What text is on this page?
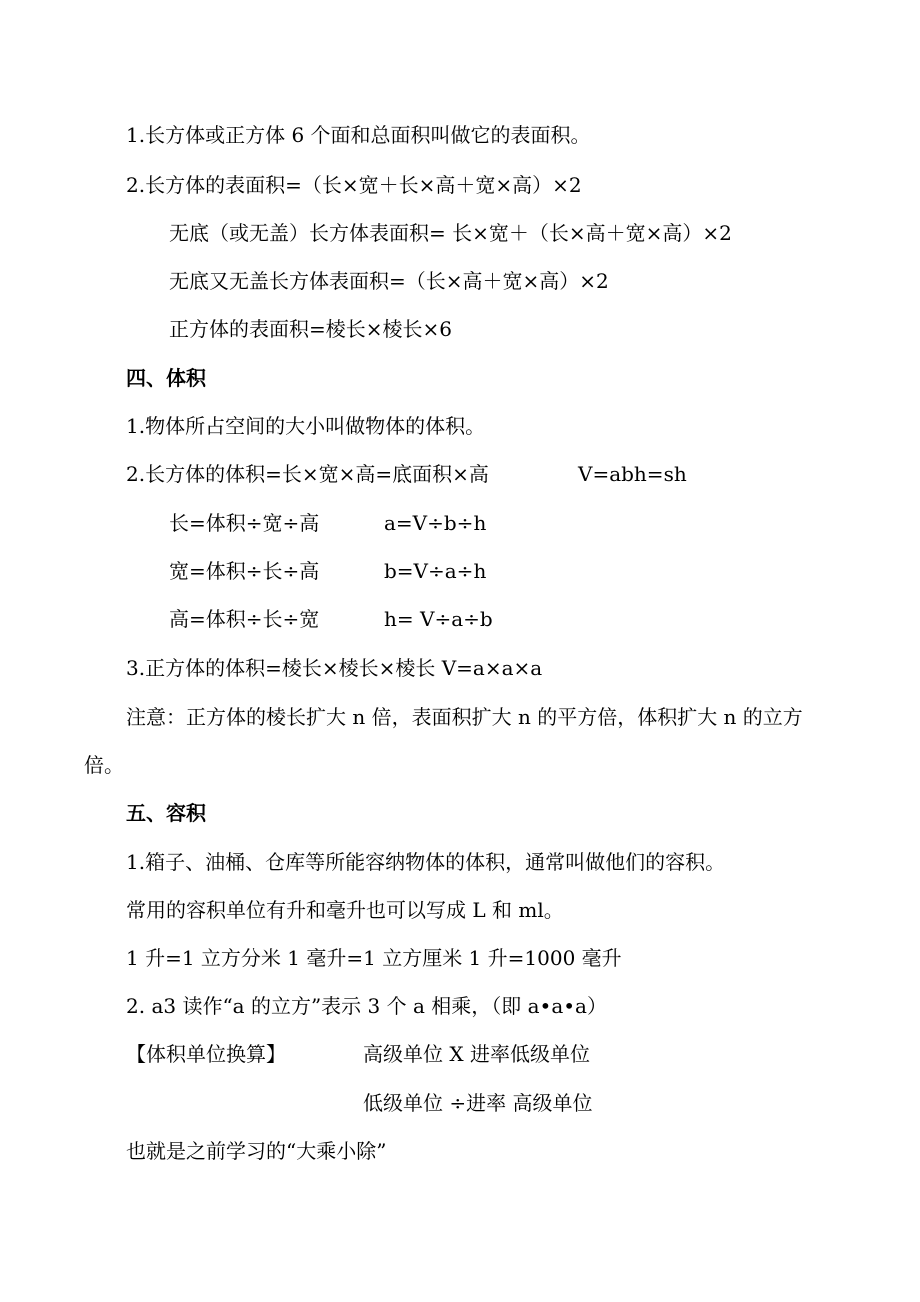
1.长方体或正方体 6 个面和总面积叫做它的表面积。
2.长方体的表面积=（长×宽＋长×高＋宽×高）×2
无底（或无盖）长方体表面积= 长×宽＋（长×高＋宽×高）×2
无底又无盖长方体表面积=（长×高＋宽×高）×2
正方体的表面积=棱长×棱长×6
四、体积
1.物体所占空间的大小叫做物体的体积。
2.长方体的体积=长×宽×高=底面积×高	V=abh=sh
长=体积÷宽÷高	a=V÷b÷h
宽=体积÷长÷高	b=V÷a÷h
高=体积÷长÷宽	h= V÷a÷b
3.正方体的体积=棱长×棱长×棱长 V=a×a×a
注意：正方体的棱长扩大 n 倍，表面积扩大 n 的平方倍，体积扩大 n 的立方
倍。
五、容积
1.箱子、油桶、仓库等所能容纳物体的体积，通常叫做他们的容积。
常用的容积单位有升和毫升也可以写成 L 和 ml。
1 升=1 立方分米 1 毫升=1 立方厘米 1 升=1000 毫升
2. a3 读作“a 的立方”表示 3 个 a 相乘，（即 a•a•a）
【体积单位换算】	高级单位 X 进率低级单位
低级单位 ÷进率 高级单位
也就是之前学习的“大乘小除”
